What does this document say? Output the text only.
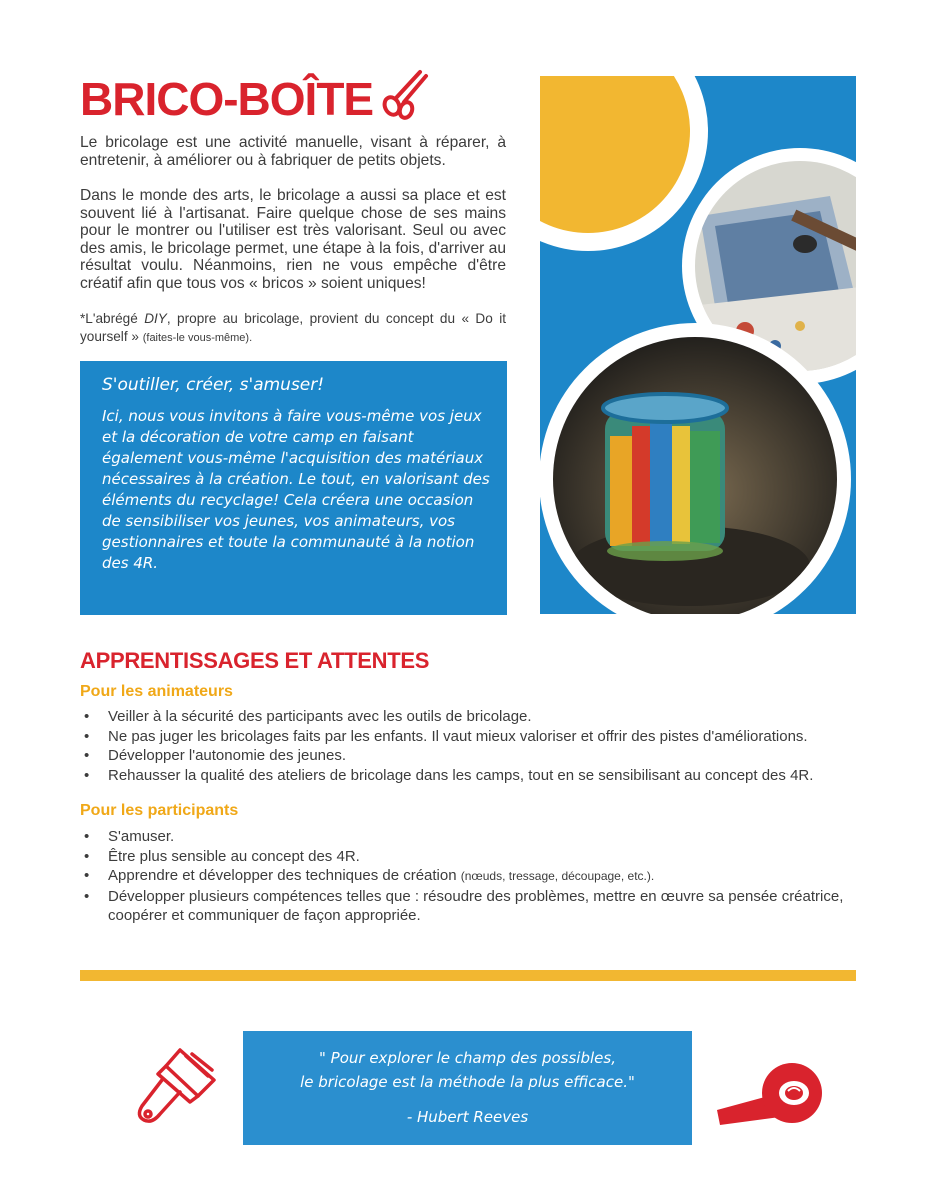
BRICO-BOÎTE
Le bricolage est une activité manuelle, visant à réparer, à entretenir, à améliorer ou à fabriquer de petits objets.
Dans le monde des arts, le bricolage a aussi sa place et est souvent lié à l'artisanat. Faire quelque chose de ses mains pour le montrer ou l'utiliser est très valorisant. Seul ou avec des amis, le bricolage permet, une étape à la fois, d'arriver au résultat voulu. Néanmoins, rien ne vous empêche d'être créatif afin que tous vos « bricos » soient uniques!
*L'abrégé DIY, propre au bricolage, provient du concept du « Do it yourself » (faites-le vous-même).
S'outiller, créer, s'amuser!
Ici, nous vous invitons à faire vous-même vos jeux et la décoration de votre camp en faisant également vous-même l'acquisition des matériaux nécessaires à la création. Le tout, en valorisant des éléments du recyclage! Cela créera une occasion de sensibiliser vos jeunes, vos animateurs, vos gestionnaires et toute la communauté à la notion des 4R.
APPRENTISSAGES ET ATTENTES
Pour les animateurs
• Veiller à la sécurité des participants avec les outils de bricolage.
• Ne pas juger les bricolages faits par les enfants. Il vaut mieux valoriser et offrir des pistes d'améliorations.
• Développer l'autonomie des jeunes.
• Rehausser la qualité des ateliers de bricolage dans les camps, tout en se sensibilisant au concept des 4R.
Pour les participants
• S'amuser.
• Être plus sensible au concept des 4R.
• Apprendre et développer des techniques de création (nœuds, tressage, découpage, etc.).
• Développer plusieurs compétences telles que : résoudre des problèmes, mettre en œuvre sa pensée créatrice, coopérer et communiquer de façon appropriée.
" Pour explorer le champ des possibles,
le bricolage est la méthode la plus efficace."
- Hubert Reeves
